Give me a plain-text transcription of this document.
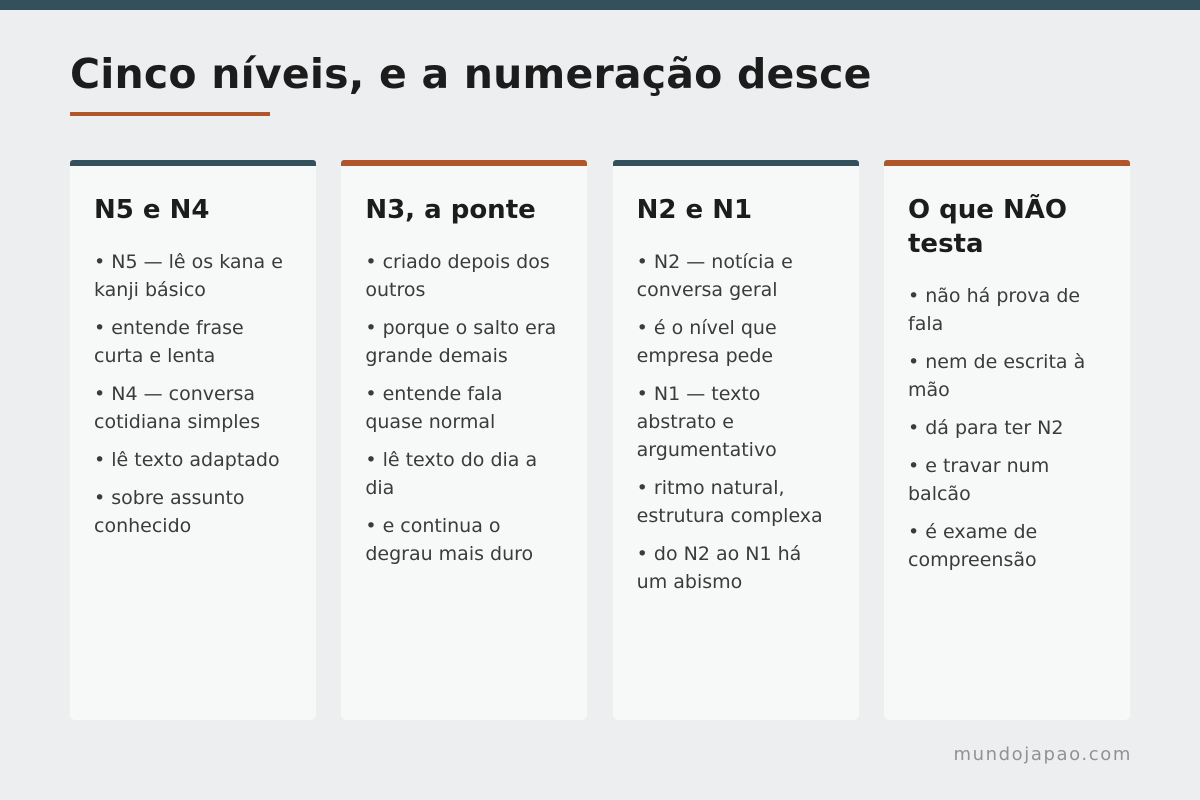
Cinco níveis, e a numeração desce
N5 e N4
• N5 — lê os kana e kanji básico
• entende frase curta e lenta
• N4 — conversa cotidiana simples
• lê texto adaptado
• sobre assunto conhecido
N3, a ponte
• criado depois dos outros
• porque o salto era grande demais
• entende fala quase normal
• lê texto do dia a dia
• e continua o degrau mais duro
N2 e N1
• N2 — notícia e conversa geral
• é o nível que empresa pede
• N1 — texto abstrato e argumentativo
• ritmo natural, estrutura complexa
• do N2 ao N1 há um abismo
O que NÃO testa
• não há prova de fala
• nem de escrita à mão
• dá para ter N2
• e travar num balcão
• é exame de compreensão
mundojapao.com
